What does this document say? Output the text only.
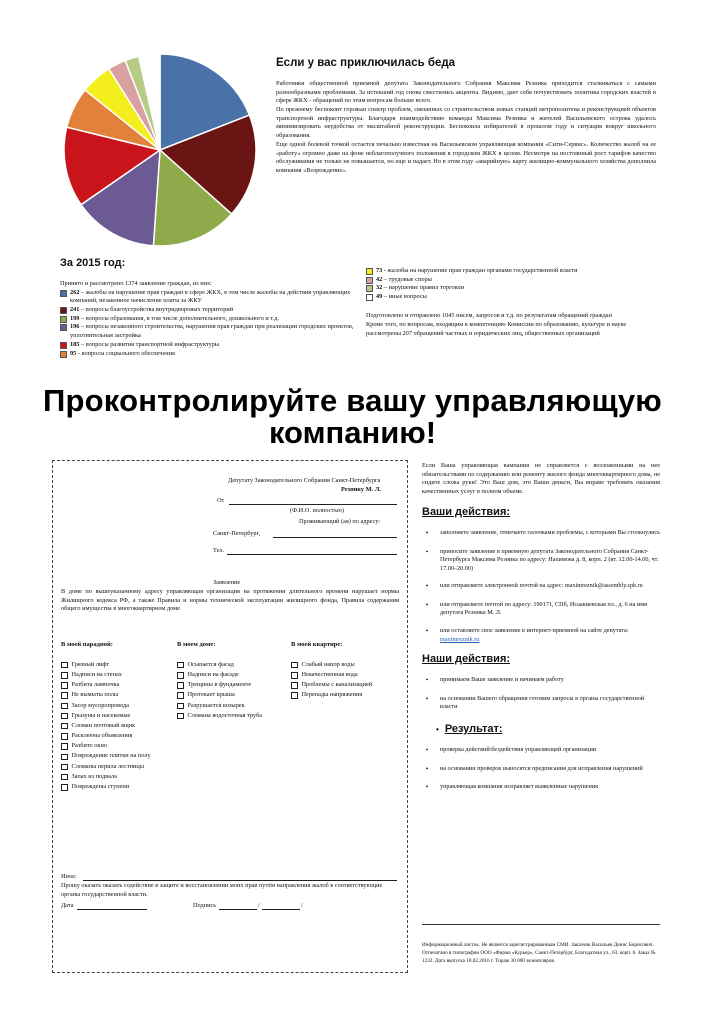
Если у вас приключилась беда

Работники общественной приемной депутата Законодательного Собрания Максима Резника приходится сталкиваться с самыми разнообразными проблемами. За истекший год снова сместились акценты. Видимо, дает себя почувствовать политика городских властей в сфере ЖКХ - обращений по этим вопросам больше всего.

По прежнему беспокоит горожан спектр проблем, связанных со строительством новых станций метрополитена и реконструкцией объектов транспортной инфраструктуры. Благодаря взаимодействию команды Максима Резника и жителей Васильевского острова удалось минимизировать неудобства от масштабной реконструкции. Беспокоила избирателей в прошлом году и ситуация вокруг школьного образования.

Еще одной болевой точкой остается печально известная на Васильевском управляющая компания «Сити-Сервис». Количество жалоб на ее «работу» огромно даже на фоне неблагополучного положения в городском ЖКХ в целом. Несмотря на постоянный рост тарифов качество обслуживания не только не повышается, но еще и падает. Но в этом году «аварийную» карту жилищно-коммунального хозяйства дополнила компания «Возрождение».

За 2015 год:
Принято и рассмотрено 1374 заявление граждан, из них:
262 – жалобы на нарушение прав граждан в сфере ЖКХ, в том числе жалобы на действия управляющих компаний, незаконное начисление платы за ЖКУ
241 – вопросы благоустройства внутридворовых территорий
199 – вопросы образования, в том числе дополнительного, дошкольного и т.д.
196 – вопросы незаконного строительства, нарушения прав граждан при реализации городских проектов, уплотнительная застройка
185 – вопросы развития транспортной инфраструктуры
95 - вопросы социального обеспечения
73 - жалобы на нарушение прав граждан органами государственной власти
42 – трудовые споры
32 – нарушение правил торговли
49 – иные вопросы

Подготовлено и отправлено 1045 писем, запросов и т.д. по результатам обращений граждан

Кроме того, по вопросам, входящим в компетенцию Комиссии по образованию, культуре и науке рассмотрены 207 обращений частных и юридических лиц, общественных организаций

Проконтролируйте вашу управляющую
компанию!
Депутату Законодательного Собрания Санкт-Петербурга
Резнику М. Л.
От
(Ф.И.О. полностью)
Проживающий (ая) по адресу:
Санкт-Петербург,
Тел.
Заявление
В доме по вышеуказанному адресу управляющая организация на протяжении длительного времени нарушает нормы Жилищного кодекса РФ, а также Правила и нормы технической эксплуатации жилищного фонда, Правила содержания общего имущества в многоквартирном доме
В моей парадной:	В моем доме:	В моей квартире:
Грязный лифт
Надписи на стенах
Разбита лампочка
Не вымыты полы
Засор мусоропровода
Грызуны и насекомые
Сломан почтовый ящик
Расклеены объявления
Разбито окно
Повреждение плитки на полу
Сломаны перила лестницы
Запах из подвала
Повреждены ступени
Осыпается фасад
Надписи на фасаде
Трещины в фундаменте
Протекает крыша
Разрушается козырек
Сломана водосточная труба
Слабый напор воды
Некачественная вода
Проблемы с канализацией
Перепады напряжения
Иное:
Прошу оказать оказать содействие в защите и восстановлении моих прав путём направления жалоб в соответствующие органы государственной власти.
Дата	Подпись	/	/
Если Ваша управляющая кампания не справляется с возложенными на нее обязательствами по содержанию или ремонту жилого фонда многоквартирного дома, не сидите сложа руки! Это Ваш дом, это Ваши деньги, Вы вправе требовать оказания качественных услуг в полном объеме.
Ваши действия:
•	заполняете заявление, отмечаете галочками проблемы, с которыми Вы столкнулись
•	приносите заявление в приемную депутата Законодательного Собрания Санкт-Петербурга Максима Резника по адресу: Нахимова д. 8, корп. 2 (вт. 12.00-14.00, чт. 17.00–20.00)
•	или отправляете электронной почтой на адрес: maximreznik@assembly.spb.ru
•	или отправляете почтой по адресу: 190171, СПб, Исаакиевская пл., д. 6 на имя депутата Резника М. Л.
•	или оставляете свое заявление в интернет-приемной на сайте депутата: maximreznik.ru
Наши действия:
•	принимаем Ваше заявление и начинаем работу
•	на основании Вашего обращения готовим запросы в органы государственной власти
• Результат:
•	проверка действий\бездействия управляющей организации
•	на основании проверок выносятся предписания для исправления нарушений
•	управляющая компания исправляет выявленные нарушения
Информационный листок. Не является зарегистрированным СМИ. Заказчик Васильев Денис Борисович. Отпечатано в типографии ООО «Фирма «Курьер», Санкт-Петербург, Благодатная ул., 63, корп. 6. Заказ № 1232. Дата выпуска 18.02.2016 г. Тираж 30 000 экземпляров.
